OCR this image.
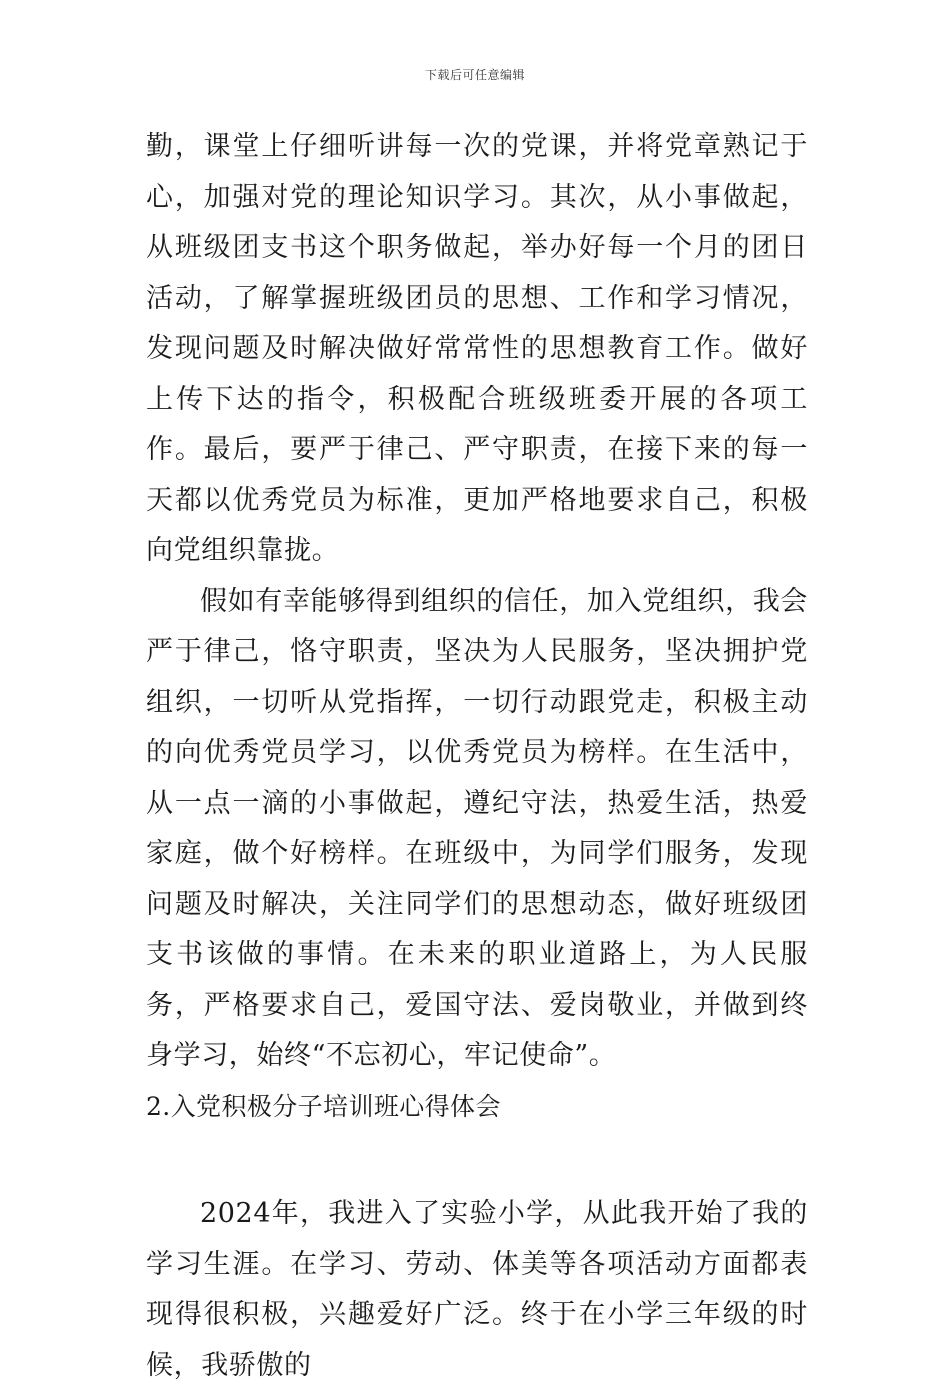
下载后可任意编辑

勤，课堂上仔细听讲每一次的党课，并将党章熟记于心，加强对党的理论知识学习。其次，从小事做起，从班级团支书这个职务做起，举办好每一个月的团日活动，了解掌握班级团员的思想、工作和学习情况，发现问题及时解决做好常常性的思想教育工作。做好上传下达的指令，积极配合班级班委开展的各项工作。最后，要严于律己、严守职责，在接下来的每一天都以优秀党员为标准，更加严格地要求自己，积极向党组织靠拢。

假如有幸能够得到组织的信任，加入党组织，我会严于律己，恪守职责，坚决为人民服务，坚决拥护党组织，一切听从党指挥，一切行动跟党走，积极主动的向优秀党员学习，以优秀党员为榜样。在生活中，从一点一滴的小事做起，遵纪守法，热爱生活，热爱家庭，做个好榜样。在班级中，为同学们服务，发现问题及时解决，关注同学们的思想动态，做好班级团支书该做的事情。在未来的职业道路上，为人民服务，严格要求自己，爱国守法、爱岗敬业，并做到终身学习，始终“不忘初心，牢记使命”。

2.入党积极分子培训班心得体会

2024年，我进入了实验小学，从此我开始了我的学习生涯。在学习、劳动、体美等各项活动方面都表现得很积极，兴趣爱好广泛。终于在小学三年级的时候，我骄傲的
